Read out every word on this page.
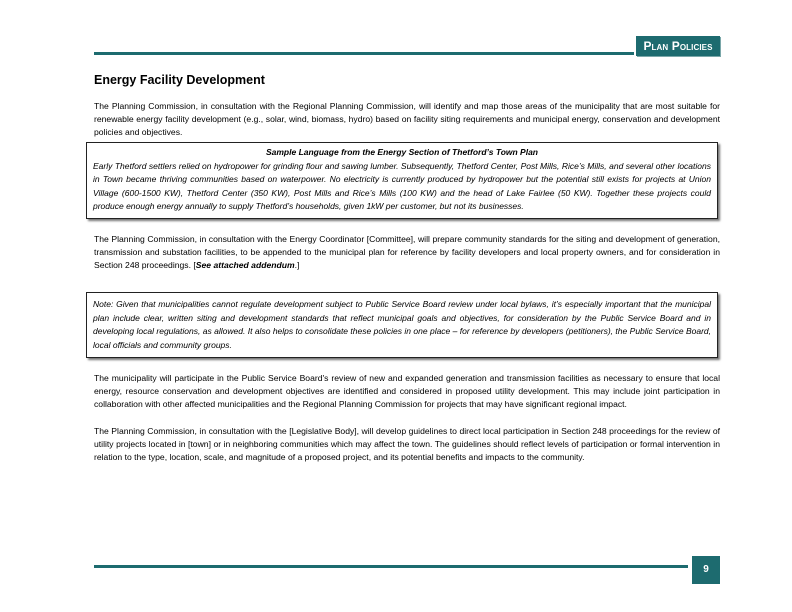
Plan Policies
Energy Facility Development

The Planning Commission, in consultation with the Regional Planning Commission, will identify and map those areas of the municipality that are most suitable for renewable energy facility development (e.g., solar, wind, biomass, hydro) based on facility siting requirements and municipal energy, conservation and development policies and objectives.

Sample Language from the Energy Section of Thetford’s Town Plan
Early Thetford settlers relied on hydropower for grinding flour and sawing lumber. Subsequently, Thetford Center, Post Mills, Rice’s Mills, and several other locations in Town became thriving communities based on waterpower. No electricity is currently produced by hydropower but the potential still exists for projects at Union Village (600-1500 KW), Thetford Center (350 KW), Post Mills and Rice’s Mills (100 KW) and the head of Lake Fairlee (50 KW). Together these projects could produce enough energy annually to supply Thetford’s households, given 1kW per customer, but not its businesses.

The Planning Commission, in consultation with the Energy Coordinator [Committee], will prepare community standards for the siting and development of generation, transmission and substation facilities, to be appended to the municipal plan for reference by facility developers and local property owners, and for consideration in Section 248 proceedings. [See attached addendum.]

Note: Given that municipalities cannot regulate development subject to Public Service Board review under local bylaws, it’s especially important that the municipal plan include clear, written siting and development standards that reflect municipal goals and objectives, for consideration by the Public Service Board and in developing local regulations, as allowed. It also helps to consolidate these policies in one place – for reference by developers (petitioners), the Public Service Board, local officials and community groups.

The municipality will participate in the Public Service Board's review of new and expanded generation and transmission facilities as necessary to ensure that local energy, resource conservation and development objectives are identified and considered in proposed utility development. This may include joint participation in collaboration with other affected municipalities and the Regional Planning Commission for projects that may have significant regional impact.

The Planning Commission, in consultation with the [Legislative Body], will develop guidelines to direct local participation in Section 248 proceedings for the review of utility projects located in [town] or in neighboring communities which may affect the town. The guidelines should reflect levels of participation or formal intervention in relation to the type, location, scale, and magnitude of a proposed project, and its potential benefits and impacts to the community.

9
